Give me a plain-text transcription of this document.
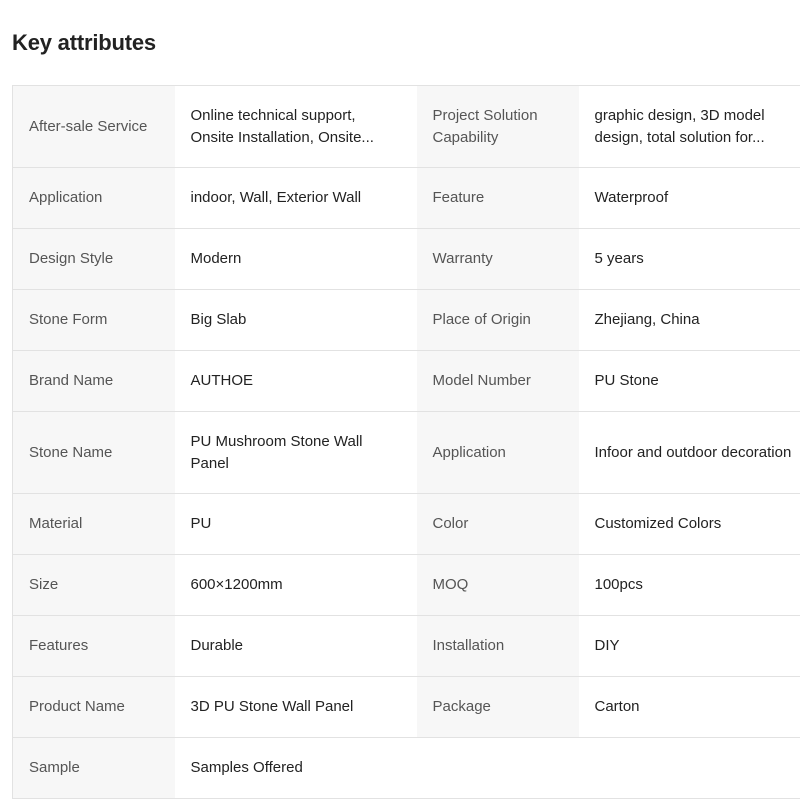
Key attributes
After-sale Service	Online technical support, Onsite Installation, Onsite...	Project Solution Capability	graphic design, 3D model design, total solution for...

Application	indoor, Wall, Exterior Wall	Feature	Waterproof
Design Style	Modern	Warranty	5 years
Stone Form	Big Slab	Place of Origin	Zhejiang, China
Brand Name	AUTHOE	Model Number	PU Stone
Stone Name	PU Mushroom Stone Wall Panel	Application	Infoor and outdoor decoration
Material	PU	Color	Customized Colors
Size	600×1200mm	MOQ	100pcs
Features	Durable	Installation	DIY
Product Name	3D PU Stone Wall Panel	Package	Carton
Sample	Samples Offered		
